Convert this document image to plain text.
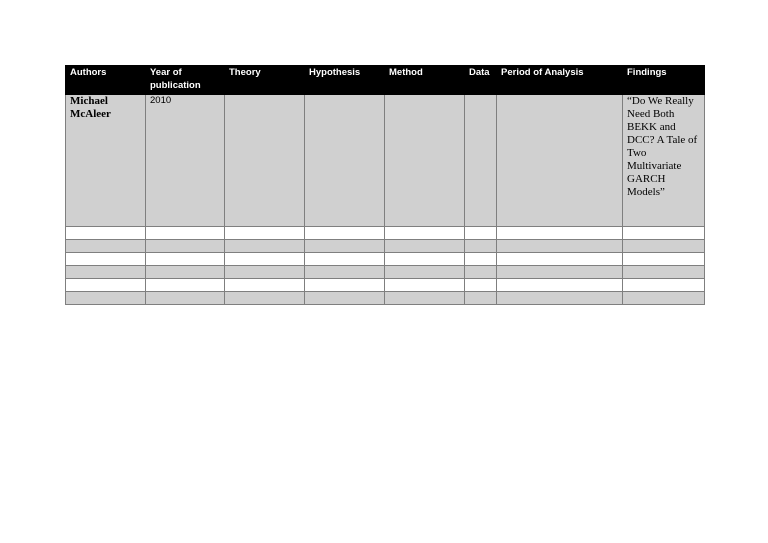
Authors	Year of publication	Theory	Hypothesis	Method	Data	Period of Analysis	Findings
Michael McAleer	2010						“Do We Really Need Both BEKK and DCC? A Tale of Two Multivariate GARCH Models”
